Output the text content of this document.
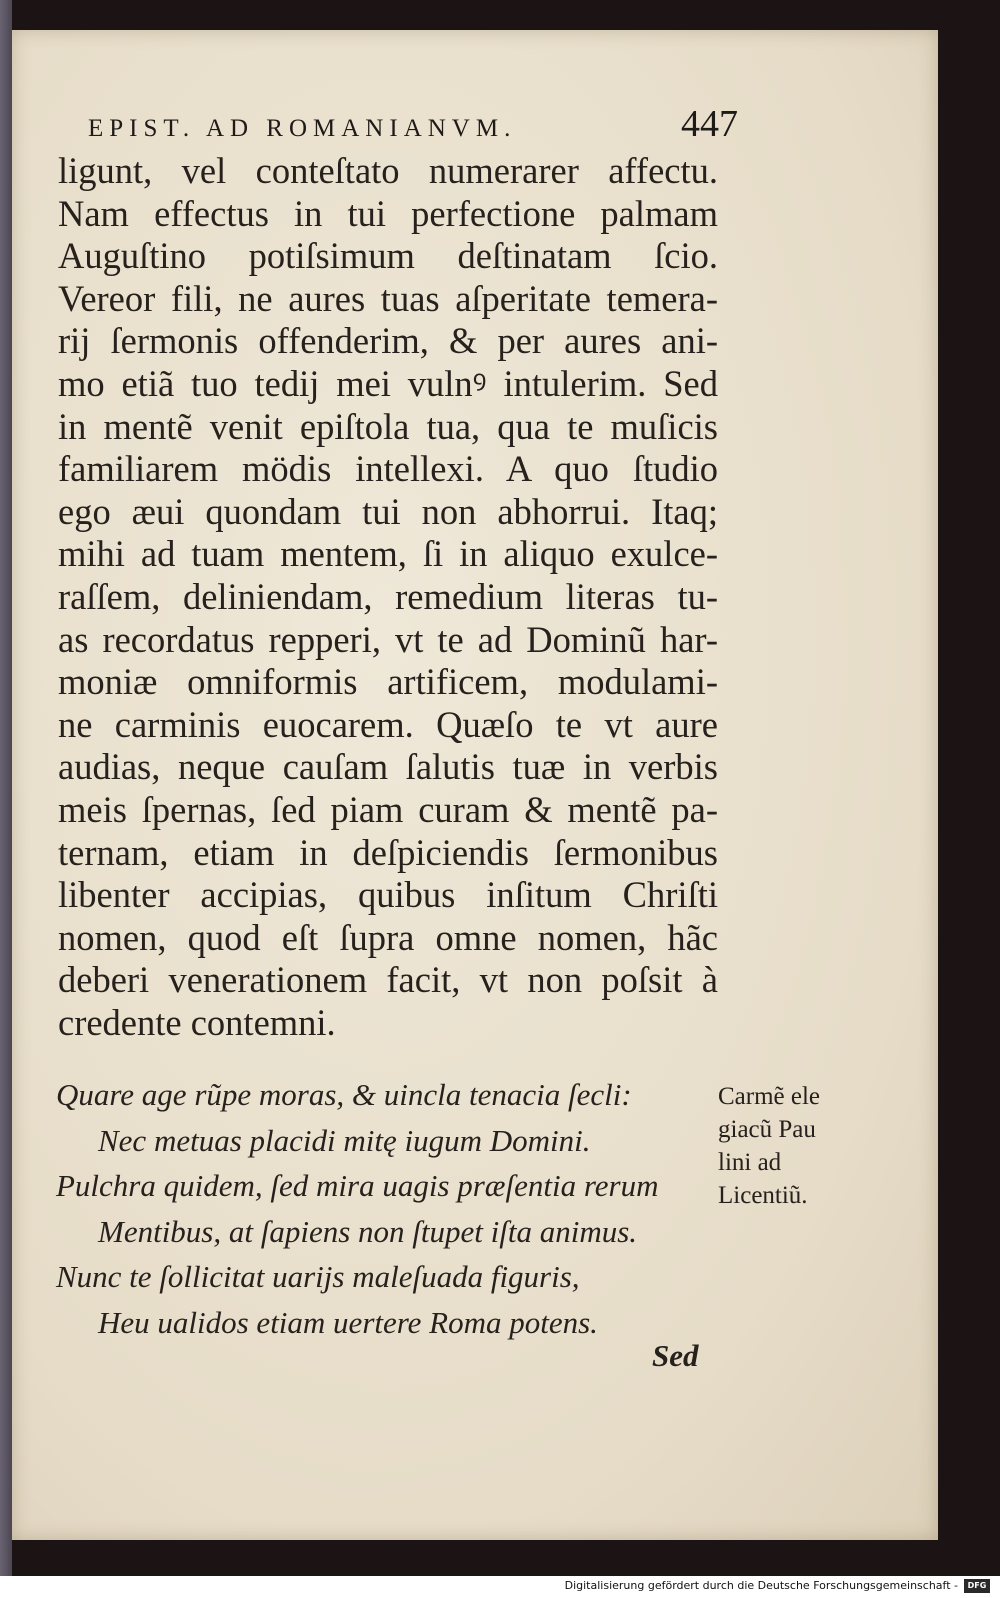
EPIST. AD ROMANIANVM.	447
ligunt, vel conteſtato numerarer affectu.
Nam effectus in tui perfectione palmam
Auguſtino potiſsimum deſtinatam ſcio.
Vereor fili, ne aures tuas aſperitate temera-
rij ſermonis offenderim, & per aures ani-
mo etiã tuo tedij mei vulnꝰ intulerim. Sed
in mentẽ venit epiſtola tua, qua te muſicis
familiarem mödis intellexi. A quo ſtudio
ego æui quondam tui non abhorrui. Itaq;
mihi ad tuam mentem, ſi in aliquo exulce-
raſſem, deliniendam, remedium literas tu-
as recordatus repperi, vt te ad Dominũ har-
moniæ omniformis artificem, modulami-
ne carminis euocarem. Quæſo te vt aure
audias, neque cauſam ſalutis tuæ in verbis
meis ſpernas, ſed piam curam & mentẽ pa-
ternam, etiam in deſpiciendis ſermonibus
libenter accipias, quibus inſitum Chriſti
nomen, quod eſt ſupra omne nomen, hãc
deberi venerationem facit, vt non poſsit à
credente contemni.
Quare age rũpe moras, & uincla tenacia ſecli:
Nec metuas placidi mitę iugum Domini.
Pulchra quidem, ſed mira uagis præſentia rerum
Mentibus, at ſapiens non ſtupet iſta animus.
Nunc te ſollicitat uarijs maleſuada figuris,
Heu ualidos etiam uertere Roma potens.
Carmẽ ele
giacũ Pau
lini ad
Licentiũ.
Sed
Digitalisierung gefördert durch die Deutsche Forschungsgemeinschaft -	DFG
